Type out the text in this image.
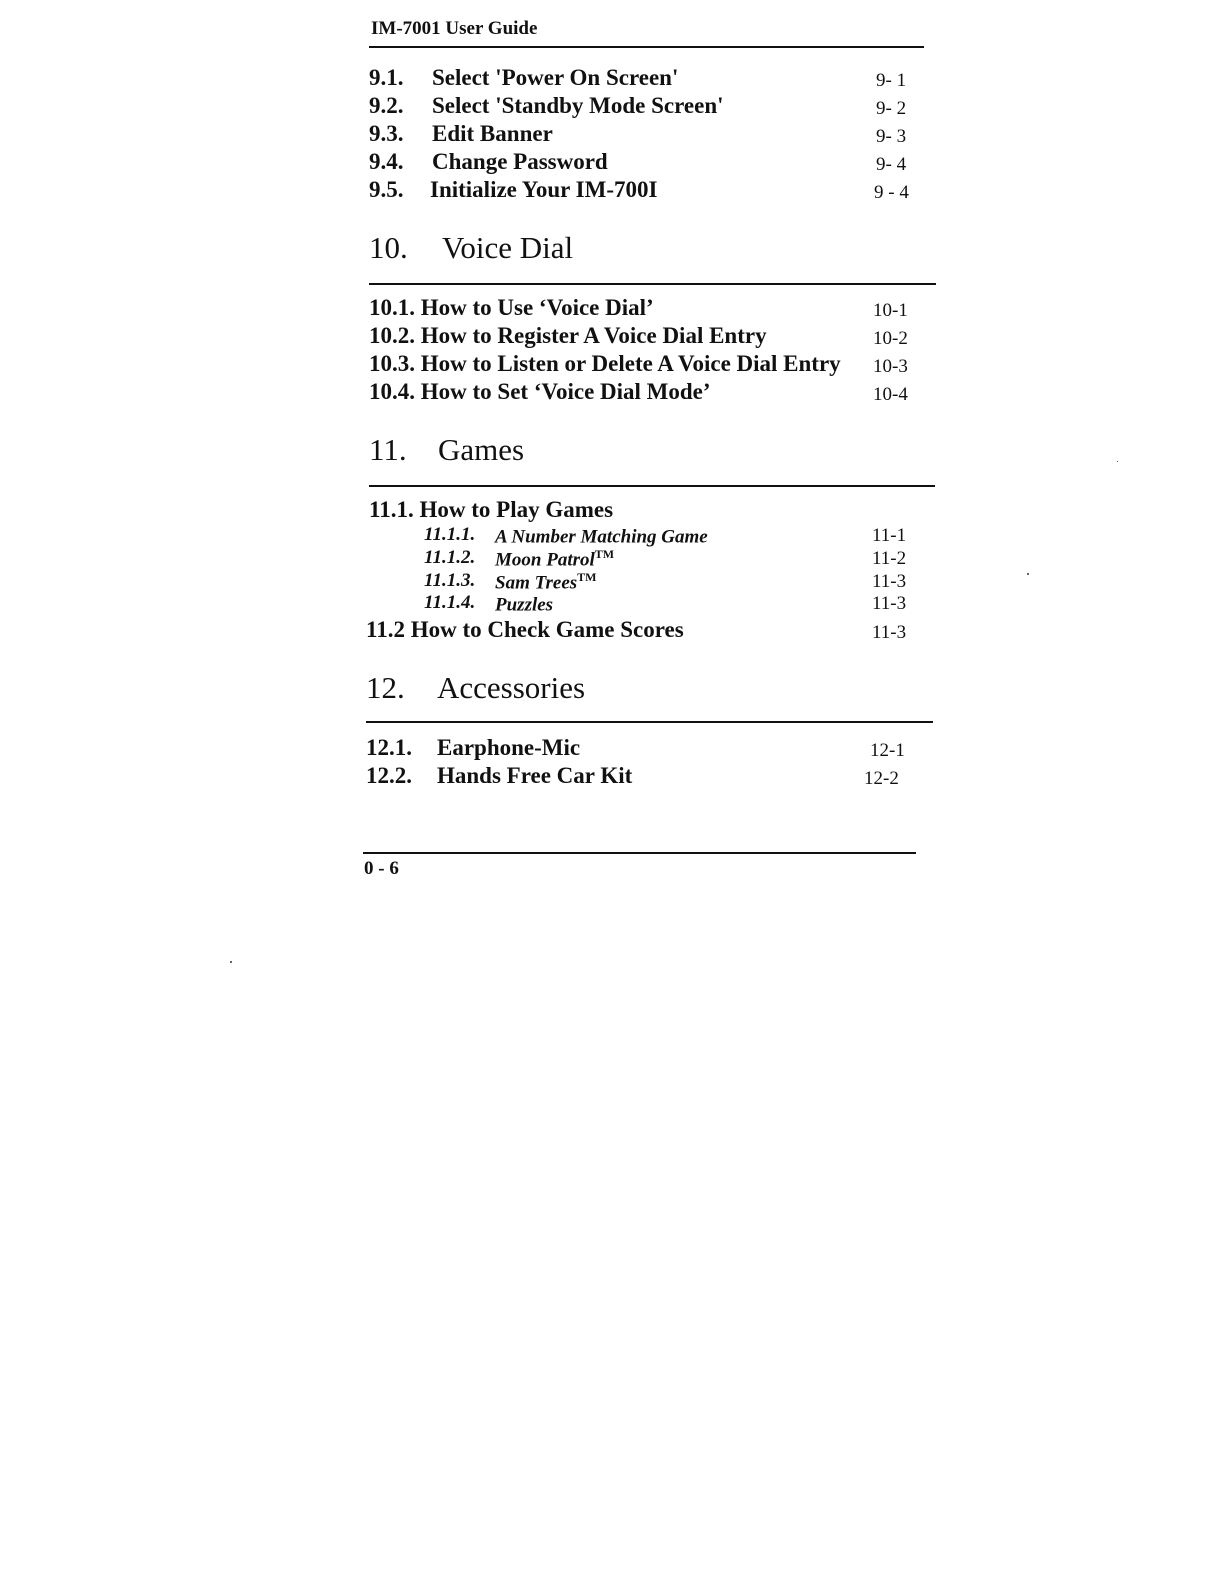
IM-7001 User Guide
9.1. Select 'Power On Screen'	9- 1
9.2. Select 'Standby Mode Screen'	9- 2
9.3. Edit Banner	9- 3
9.4. Change Password	9- 4
9.5. Initialize Your IM-700I	9 - 4
10. Voice Dial
10.1. How to Use ‘Voice Dial’	10-1
10.2. How to Register A Voice Dial Entry	10-2
10.3. How to Listen or Delete A Voice Dial Entry 10-3
10.4. How to Set ‘Voice Dial Mode’	10-4
11. Games
11.1. How to Play Games
11.1.1. A Number Matching Game	11-1
11.1.2. Moon Patrol™	11-2
11.1.3. Sam Trees™	11-3
11.1.4. Puzzles	11-3
11.2 How to Check Game Scores	11-3
12. Accessories
12.1. Earphone-Mic	12-1
12.2. Hands Free Car Kit	12-2
0 - 6
